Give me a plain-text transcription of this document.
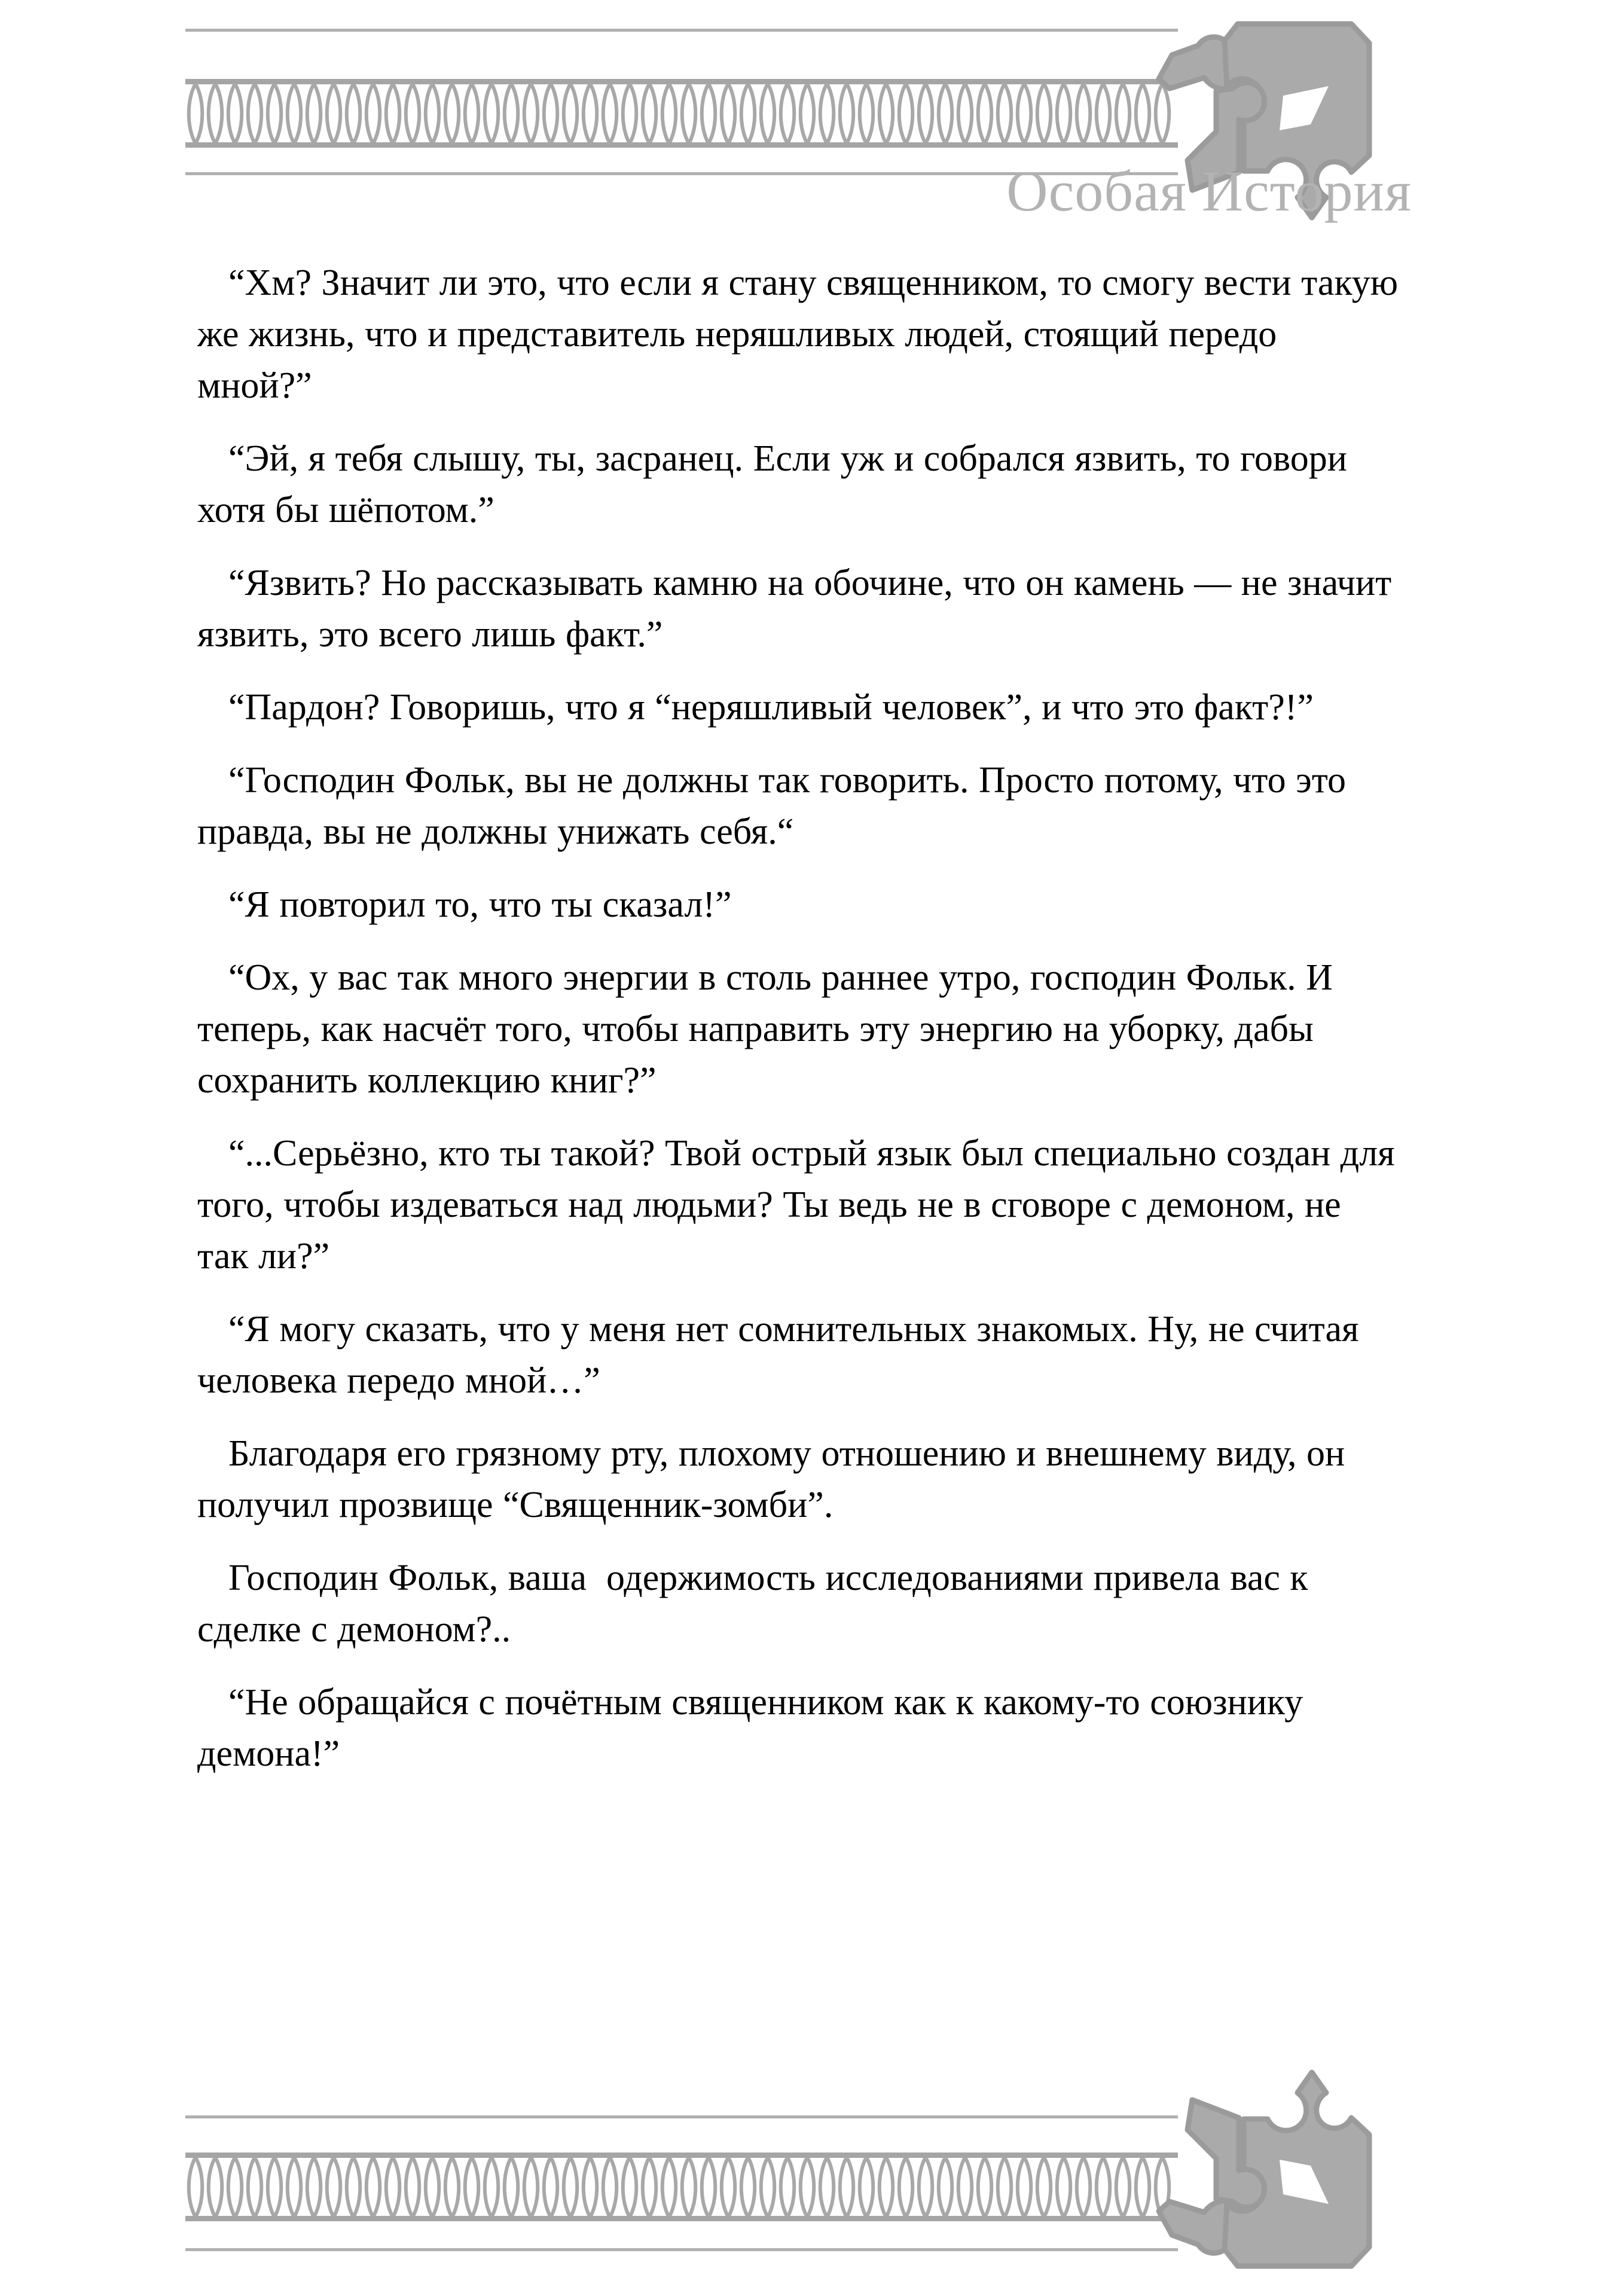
Особая История

“Хм? Значит ли это, что если я стану священником, то смогу вести такую же жизнь, что и представитель неряшливых людей, стоящий передо мной?”

“Эй, я тебя слышу, ты, засранец. Если уж и собрался язвить, то говори хотя бы шёпотом.”

“Язвить? Но рассказывать камню на обочине, что он камень — не значит язвить, это всего лишь факт.”

“Пардон? Говоришь, что я “неряшливый человек”, и что это факт?!”

“Господин Фольк, вы не должны так говорить. Просто потому, что это правда, вы не должны унижать себя.“

“Я повторил то, что ты сказал!”

“Ох, у вас так много энергии в столь раннее утро, господин Фольк. И теперь, как насчёт того, чтобы направить эту энергию на уборку, дабы сохранить коллекцию книг?”

“...Серьёзно, кто ты такой? Твой острый язык был специально создан для того, чтобы издеваться над людьми? Ты ведь не в сговоре с демоном, не так ли?”

“Я могу сказать, что у меня нет сомнительных знакомых. Ну, не считая человека передо мной…”

Благодаря его грязному рту, плохому отношению и внешнему виду, он получил прозвище “Священник-зомби”.

Господин Фольк, ваша  одержимость исследованиями привела вас к сделке с демоном?..

“Не обращайся с почётным священником как к какому-то союзнику демона!”
